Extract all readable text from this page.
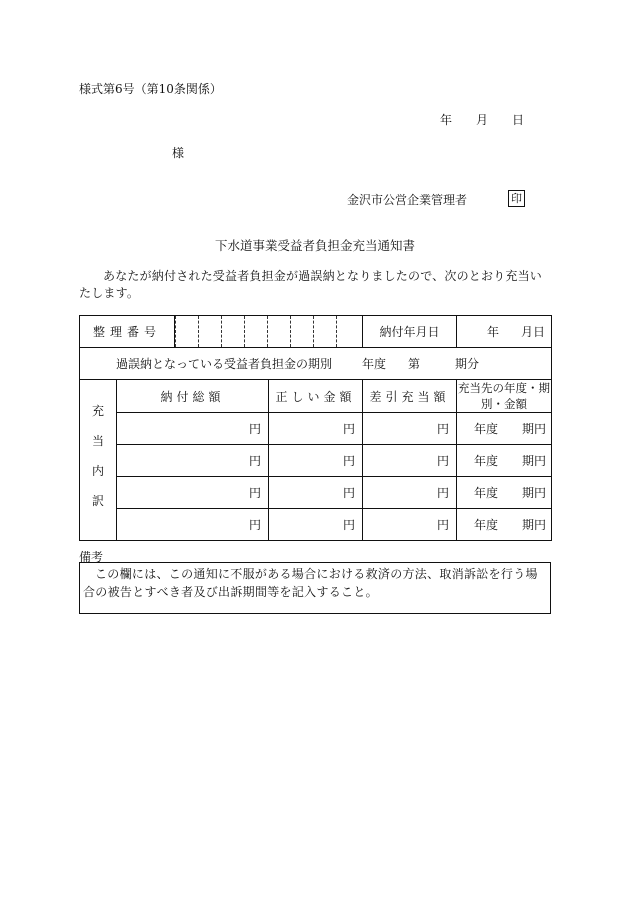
様式第6号（第10条関係）
年 月 日
様
金沢市公営企業管理者	印
下水道事業受益者負担金充当通知書
あなたが納付された受益者負担金が過誤納となりましたので、次のとおり充当いたします。
整理番号				納付年月日	年 月日
過誤納となっている受益者負担金の期別 年度 第 期分					

充
当
内
訳	納付総額		正しい金額	差引充当額	充当先の年度・期別・金額
	円		円	円	年度 期円
	円		円	円	年度 期円
	円		円	円	年度 期円
	円		円	円	年度 期円
備考
この欄には、この通知に不服がある場合における救済の方法、取消訴訟を行う場合の被告とすべき者及び出訴期間等を記入すること。
